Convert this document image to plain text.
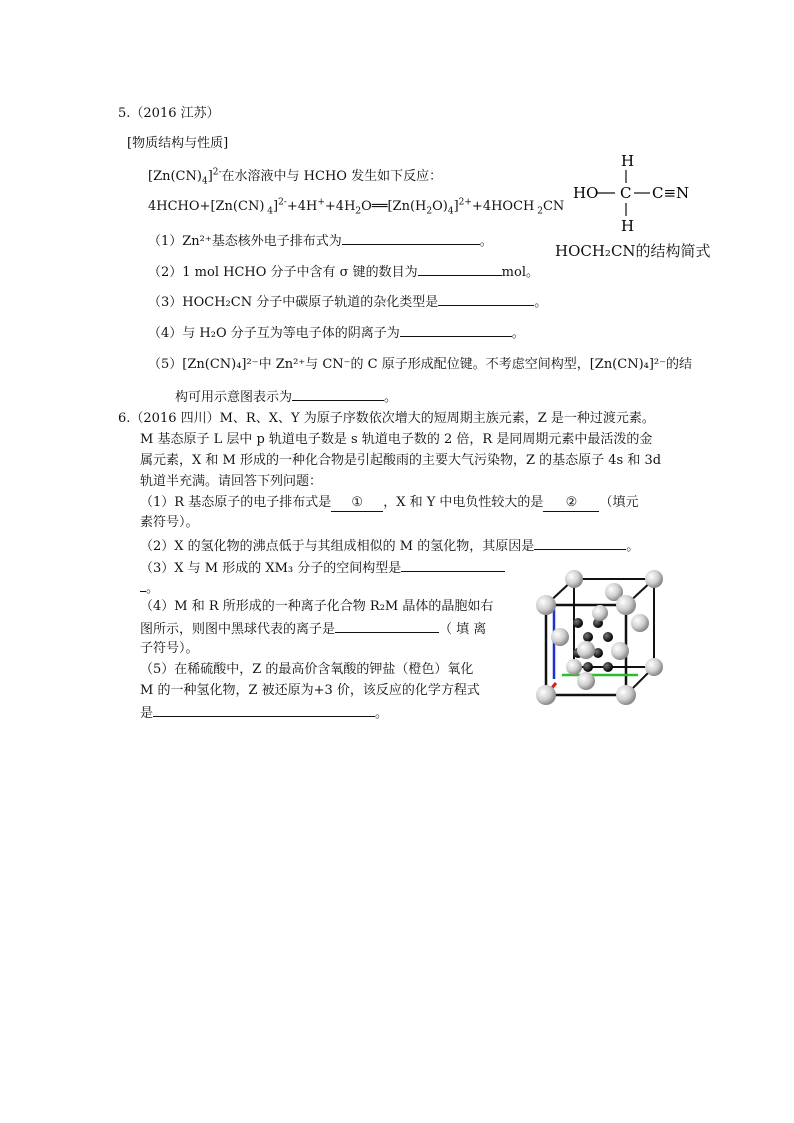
5.（2016 江苏）
[物质结构与性质]
$[Zn(CN)_4]^{2-}$在水溶液中与 HCHO 发生如下反应：
4HCHO+[Zn(CN) $_4]^{2-}+4H^++4H_2O══[Zn(H_2O)_4]^{2+}+4HOCH$ $_2$CN
（1）Zn²⁺基态核外电子排布式为	。
（2）1 mol HCHO 分子中含有 σ 键的数目为	mol。
（3）HOCH₂CN 分子中碳原子轨道的杂化类型是	。
（4）与 H₂O 分子互为等电子体的阴离子为	。
（5）[Zn(CN)₄]²⁻中 Zn²⁺与 CN⁻的 C 原子形成配位键。不考虑空间构型，[Zn(CN)₄]²⁻的结
构可用示意图表示为	。
H
HO C C≡N
H
HOCH₂CN的结构简式
6.（2016 四川）M、R、X、Y 为原子序数依次增大的短周期主族元素，Z 是一种过渡元素。
M 基态原子 L 层中 p 轨道电子数是 s 轨道电子数的 2 倍，R 是同周期元素中最活泼的金
属元素，X 和 M 形成的一种化合物是引起酸雨的主要大气污染物，Z 的基态原子 4s 和 3d
轨道半充满。请回答下列问题：
（1）R 基态原子的电子排布式是 ① ，X 和 Y 中电负性较大的是 ② （填元
素符号）。
（2）X 的氢化物的沸点低于与其组成相似的 M 的氢化物，其原因是	。
（3）X 与 M 形成的 XM₃ 分子的空间构型是
。
（4）M 和 R 所形成的一种离子化合物 R₂M 晶体的晶胞如右
图所示，则图中黑球代表的离子是	（ 填 离
子符号）。
（5）在稀硫酸中，Z 的最高价含氧酸的钾盐（橙色）氧化
M 的一种氢化物，Z 被还原为+3 价，该反应的化学方程式
是	。
